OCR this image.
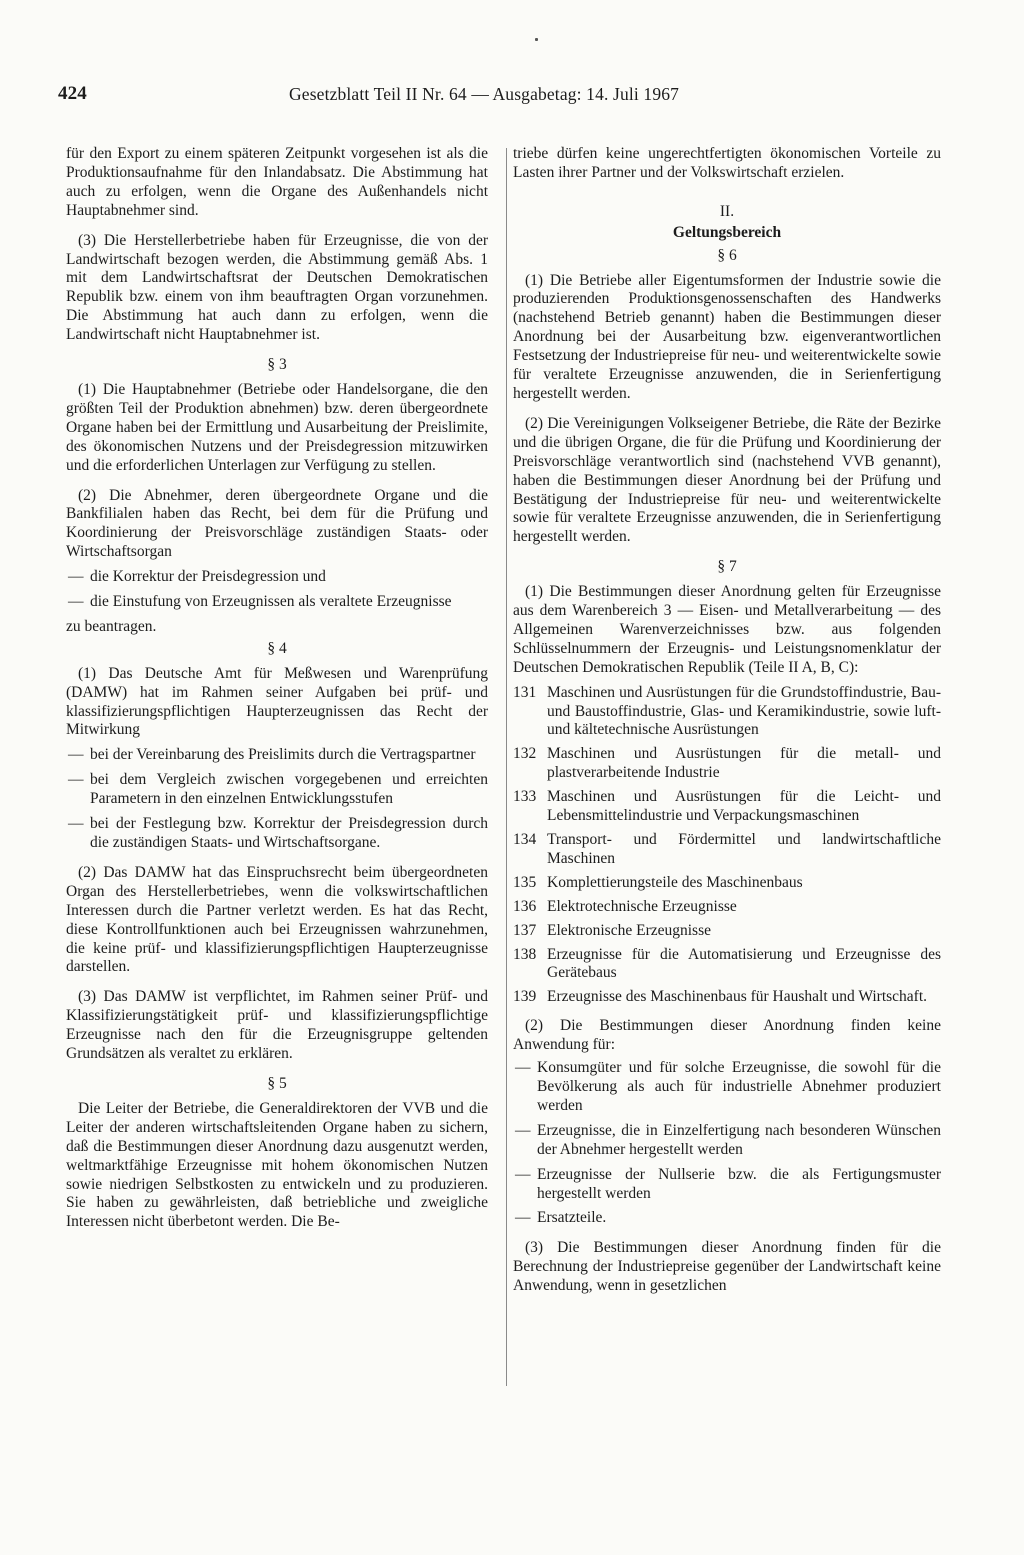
424	Gesetzblatt Teil II Nr. 64 — Ausgabetag: 14. Juli 1967

für den Export zu einem späteren Zeitpunkt vorgesehen ist als die Produktionsaufnahme für den Inlandabsatz. Die Abstimmung hat auch zu erfolgen, wenn die Organe des Außenhandels nicht Hauptabnehmer sind.

(3) Die Herstellerbetriebe haben für Erzeugnisse, die von der Landwirtschaft bezogen werden, die Abstimmung gemäß Abs. 1 mit dem Landwirtschaftsrat der Deutschen Demokratischen Republik bzw. einem von ihm beauftragten Organ vorzunehmen. Die Abstimmung hat auch dann zu erfolgen, wenn die Landwirtschaft nicht Hauptabnehmer ist.

§ 3

(1) Die Hauptabnehmer (Betriebe oder Handelsorgane, die den größten Teil der Produktion abnehmen) bzw. deren übergeordnete Organe haben bei der Ermittlung und Ausarbeitung der Preislimite, des ökonomischen Nutzens und der Preisdegression mitzuwirken und die erforderlichen Unterlagen zur Verfügung zu stellen.

(2) Die Abnehmer, deren übergeordnete Organe und die Bankfilialen haben das Recht, bei dem für die Prüfung und Koordinierung der Preisvorschläge zuständigen Staats- oder Wirtschaftsorgan

— die Korrektur der Preisdegression und
— die Einstufung von Erzeugnissen als veraltete Erzeugnisse

zu beantragen.

§ 4

(1) Das Deutsche Amt für Meßwesen und Warenprüfung (DAMW) hat im Rahmen seiner Aufgaben bei prüf- und klassifizierungspflichtigen Haupterzeugnissen das Recht der Mitwirkung

— bei der Vereinbarung des Preislimits durch die Vertragspartner
— bei dem Vergleich zwischen vorgegebenen und erreichten Parametern in den einzelnen Entwicklungsstufen
— bei der Festlegung bzw. Korrektur der Preisdegression durch die zuständigen Staats- und Wirtschaftsorgane.

(2) Das DAMW hat das Einspruchsrecht beim übergeordneten Organ des Herstellerbetriebes, wenn die volkswirtschaftlichen Interessen durch die Partner verletzt werden. Es hat das Recht, diese Kontrollfunktionen auch bei Erzeugnissen wahrzunehmen, die keine prüf- und klassifizierungspflichtigen Haupterzeugnisse darstellen.

(3) Das DAMW ist verpflichtet, im Rahmen seiner Prüf- und Klassifizierungstätigkeit prüf- und klassifizierungspflichtige Erzeugnisse nach den für die Erzeugnisgruppe geltenden Grundsätzen als veraltet zu erklären.

§ 5

Die Leiter der Betriebe, die Generaldirektoren der VVB und die Leiter der anderen wirtschaftsleitenden Organe haben zu sichern, daß die Bestimmungen dieser Anordnung dazu ausgenutzt werden, weltmarktfähige Erzeugnisse mit hohem ökonomischen Nutzen sowie niedrigen Selbstkosten zu entwickeln und zu produzieren. Sie haben zu gewährleisten, daß betriebliche und zweigliche Interessen nicht überbetont werden. Die Be-

triebe dürfen keine ungerechtfertigten ökonomischen Vorteile zu Lasten ihrer Partner und der Volkswirtschaft erzielen.

II.
Geltungsbereich
§ 6

(1) Die Betriebe aller Eigentumsformen der Industrie sowie die produzierenden Produktionsgenossenschaften des Handwerks (nachstehend Betrieb genannt) haben die Bestimmungen dieser Anordnung bei der Ausarbeitung bzw. eigenverantwortlichen Festsetzung der Industriepreise für neu- und weiterentwickelte sowie für veraltete Erzeugnisse anzuwenden, die in Serienfertigung hergestellt werden.

(2) Die Vereinigungen Volkseigener Betriebe, die Räte der Bezirke und die übrigen Organe, die für die Prüfung und Koordinierung der Preisvorschläge verantwortlich sind (nachstehend VVB genannt), haben die Bestimmungen dieser Anordnung bei der Prüfung und Bestätigung der Industriepreise für neu- und weiterentwickelte sowie für veraltete Erzeugnisse anzuwenden, die in Serienfertigung hergestellt werden.

§ 7

(1) Die Bestimmungen dieser Anordnung gelten für Erzeugnisse aus dem Warenbereich 3 — Eisen- und Metallverarbeitung — des Allgemeinen Warenverzeichnisses bzw. aus folgenden Schlüsselnummern der Erzeugnis- und Leistungsnomenklatur der Deutschen Demokratischen Republik (Teile II A, B, C):

131 Maschinen und Ausrüstungen für die Grundstoffindustrie, Bau- und Baustoffindustrie, Glas- und Keramikindustrie, sowie luft- und kältetechnische Ausrüstungen
132 Maschinen und Ausrüstungen für die metall- und plastverarbeitende Industrie
133 Maschinen und Ausrüstungen für die Leicht- und Lebensmittelindustrie und Verpackungsmaschinen
134 Transport- und Fördermittel und landwirtschaftliche Maschinen
135 Komplettierungsteile des Maschinenbaus
136 Elektrotechnische Erzeugnisse
137 Elektronische Erzeugnisse
138 Erzeugnisse für die Automatisierung und Erzeugnisse des Gerätebaus
139 Erzeugnisse des Maschinenbaus für Haushalt und Wirtschaft.

(2) Die Bestimmungen dieser Anordnung finden keine Anwendung für:

— Konsumgüter und für solche Erzeugnisse, die sowohl für die Bevölkerung als auch für industrielle Abnehmer produziert werden
— Erzeugnisse, die in Einzelfertigung nach besonderen Wünschen der Abnehmer hergestellt werden
— Erzeugnisse der Nullserie bzw. die als Fertigungsmuster hergestellt werden
— Ersatzteile.

(3) Die Bestimmungen dieser Anordnung finden für die Berechnung der Industriepreise gegenüber der Landwirtschaft keine Anwendung, wenn in gesetzlichen
